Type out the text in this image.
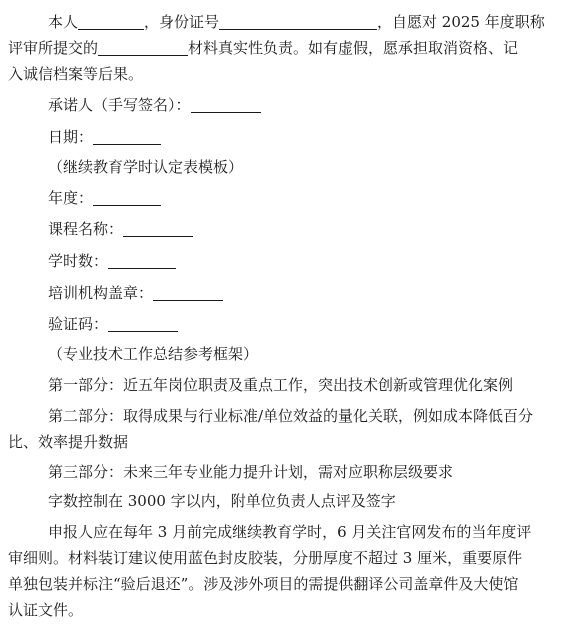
本人	，身份证号	，自愿对 2025 年度职称
评审所提交的	材料真实性负责。如有虚假，愿承担取消资格、记
入诚信档案等后果。
承诺人（手写签名）：
日期：
（继续教育学时认定表模板）
年度：
课程名称：
学时数：
培训机构盖章：
验证码：
（专业技术工作总结参考框架）
第一部分：近五年岗位职责及重点工作，突出技术创新或管理优化案例
第二部分：取得成果与行业标准/单位效益的量化关联，例如成本降低百分
比、效率提升数据
第三部分：未来三年专业能力提升计划，需对应职称层级要求
字数控制在 3000 字以内，附单位负责人点评及签字
申报人应在每年 3 月前完成继续教育学时，6 月关注官网发布的当年度评
审细则。材料装订建议使用蓝色封皮胶装，分册厚度不超过 3 厘米，重要原件
单独包装并标注“验后退还”。涉及涉外项目的需提供翻译公司盖章件及大使馆
认证文件。
